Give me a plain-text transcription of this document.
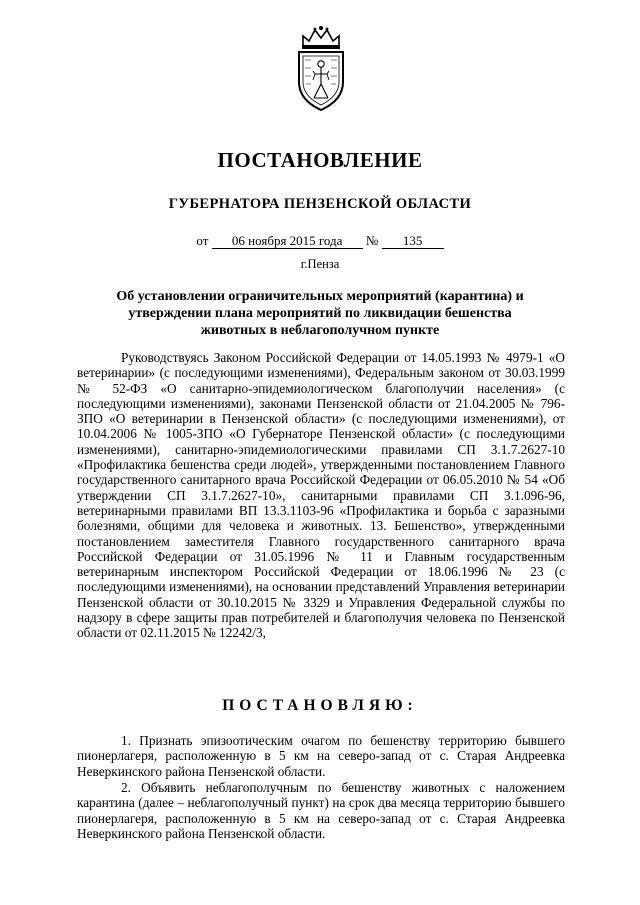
ПОСТАНОВЛЕНИЕ
ГУБЕРНАТОРА ПЕНЗЕНСКОЙ ОБЛАСТИ
от 06 ноября 2015 года № 135
г.Пенза
Об установлении ограничительных мероприятий (карантина) и утверждении плана мероприятий по ликвидации бешенства животных в неблагополучном пункте

Руководствуясь Законом Российской Федерации от 14.05.1993 № 4979-1 «О ветеринарии» (с последующими изменениями), Федеральным законом от 30.03.1999 № 52-ФЗ «О санитарно-эпидемиологическом благополучии населения» (с последующими изменениями), законами Пензенской области от 21.04.2005 № 796-ЗПО «О ветеринарии в Пензенской области» (с последующими изменениями), от 10.04.2006 № 1005-ЗПО «О Губернаторе Пензенской области» (с последующими изменениями), санитарно-эпидемиологическими правилами СП 3.1.7.2627-10 «Профилактика бешенства среди людей», утвержденными постановлением Главного государственного санитарного врача Российской Федерации от 06.05.2010 № 54 «Об утверждении СП 3.1.7.2627-10», санитарными правилами СП 3.1.096-96, ветеринарными правилами ВП 13.3.1103-96 «Профилактика и борьба с заразными болезнями, общими для человека и животных. 13. Бешенство», утвержденными постановлением заместителя Главного государственного санитарного врача Российской Федерации от 31.05.1996 № 11 и Главным государственным ветеринарным инспектором Российской Федерации от 18.06.1996 № 23 (с последующими изменениями), на основании представлений Управления ветеринарии Пензенской области от 30.10.2015 № 3329 и Управления Федеральной службы по надзору в сфере защиты прав потребителей и благополучия человека по Пензенской области от 02.11.2015 № 12242/3,

ПОСТАНОВЛЯЮ:

1. Признать эпизоотическим очагом по бешенству территорию бывшего пионерлагеря, расположенную в 5 км на северо-запад от с. Старая Андреевка Неверкинского района Пензенской области.

2. Объявить неблагополучным по бешенству животных с наложением карантина (далее – неблагополучный пункт) на срок два месяца территорию бывшего пионерлагеря, расположенную в 5 км на северо-запад от с. Старая Андреевка Неверкинского района Пензенской области.
